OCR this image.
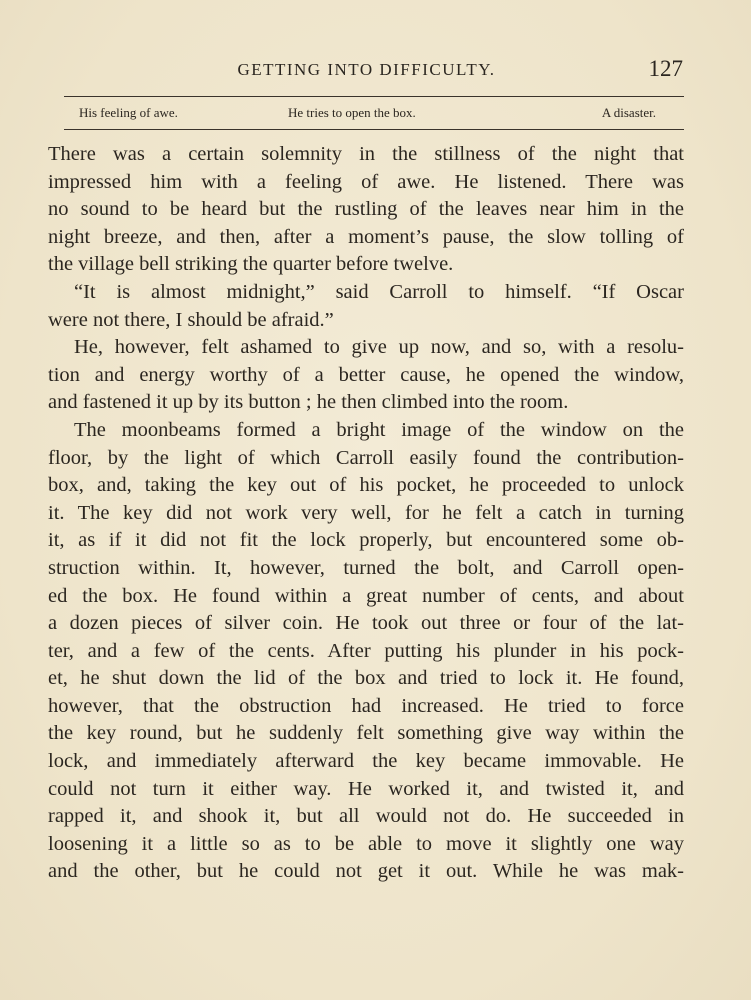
GETTING INTO DIFFICULTY.	127
His feeling of awe.	He tries to open the box.	A disaster.
There was a certain solemnity in the stillness of the night that
impressed him with a feeling of awe. He listened. There was
no sound to be heard but the rustling of the leaves near him in the
night breeze, and then, after a moment’s pause, the slow tolling of
the village bell striking the quarter before twelve.
“It is almost midnight,” said Carroll to himself. “If Oscar
were not there, I should be afraid.”
He, however, felt ashamed to give up now, and so, with a resolu-
tion and energy worthy of a better cause, he opened the window,
and fastened it up by its button ; he then climbed into the room.
The moonbeams formed a bright image of the window on the
floor, by the light of which Carroll easily found the contribution-
box, and, taking the key out of his pocket, he proceeded to unlock
it. The key did not work very well, for he felt a catch in turning
it, as if it did not fit the lock properly, but encountered some ob-
struction within. It, however, turned the bolt, and Carroll open-
ed the box. He found within a great number of cents, and about
a dozen pieces of silver coin. He took out three or four of the lat-
ter, and a few of the cents. After putting his plunder in his pock-
et, he shut down the lid of the box and tried to lock it. He found,
however, that the obstruction had increased. He tried to force
the key round, but he suddenly felt something give way within the
lock, and immediately afterward the key became immovable. He
could not turn it either way. He worked it, and twisted it, and
rapped it, and shook it, but all would not do. He succeeded in
loosening it a little so as to be able to move it slightly one way
and the other, but he could not get it out. While he was mak-
